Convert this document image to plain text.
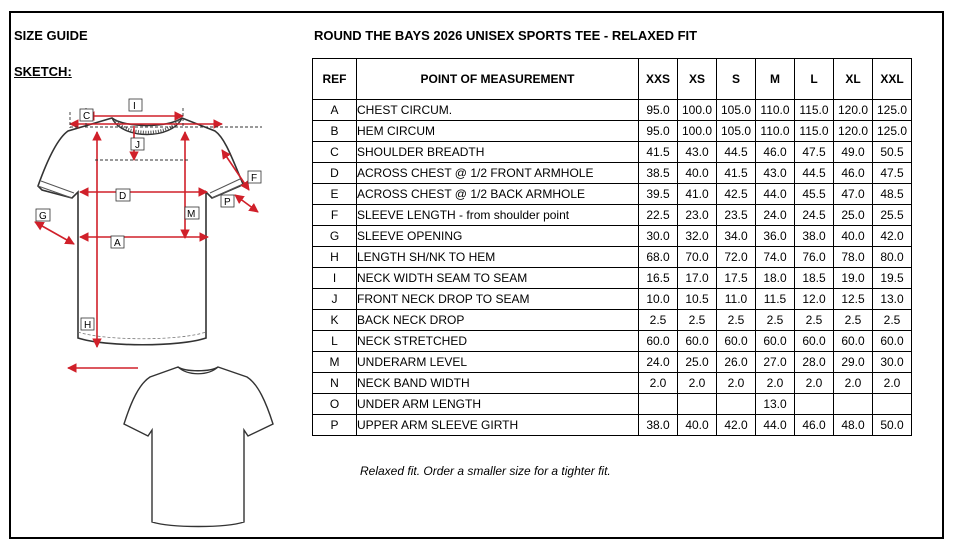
SIZE GUIDE
SKETCH:
ROUND THE BAYS 2026 UNISEX SPORTS TEE - RELAXED FIT
I
C
J
F
D
P
G	M
A
H
REF	POINT OF MEASUREMENT	XXS	XS	S	M	L	XL	XXL
A	CHEST CIRCUM.	95.0	100.0	105.0	110.0	115.0	120.0	125.0
B	HEM CIRCUM	95.0	100.0	105.0	110.0	115.0	120.0	125.0
C	SHOULDER BREADTH	41.5	43.0	44.5	46.0	47.5	49.0	50.5
D	ACROSS CHEST @ 1/2 FRONT ARMHOLE	38.5	40.0	41.5	43.0	44.5	46.0	47.5
E	ACROSS CHEST @ 1/2 BACK ARMHOLE	39.5	41.0	42.5	44.0	45.5	47.0	48.5
F	SLEEVE LENGTH - from shoulder point	22.5	23.0	23.5	24.0	24.5	25.0	25.5
G	SLEEVE OPENING	30.0	32.0	34.0	36.0	38.0	40.0	42.0
H	LENGTH SH/NK TO HEM	68.0	70.0	72.0	74.0	76.0	78.0	80.0
I	NECK WIDTH SEAM TO SEAM	16.5	17.0	17.5	18.0	18.5	19.0	19.5
J	FRONT NECK DROP TO SEAM	10.0	10.5	11.0	11.5	12.0	12.5	13.0
K	BACK NECK DROP	2.5	2.5	2.5	2.5	2.5	2.5	2.5
L	NECK STRETCHED	60.0	60.0	60.0	60.0	60.0	60.0	60.0
M	UNDERARM LEVEL	24.0	25.0	26.0	27.0	28.0	29.0	30.0
N	NECK BAND WIDTH	2.0	2.0	2.0	2.0	2.0	2.0	2.0
O	UNDER ARM LENGTH				13.0			
P	UPPER ARM SLEEVE GIRTH	38.0	40.0	42.0	44.0	46.0	48.0	50.0
Relaxed fit. Order a smaller size for a tighter fit.
